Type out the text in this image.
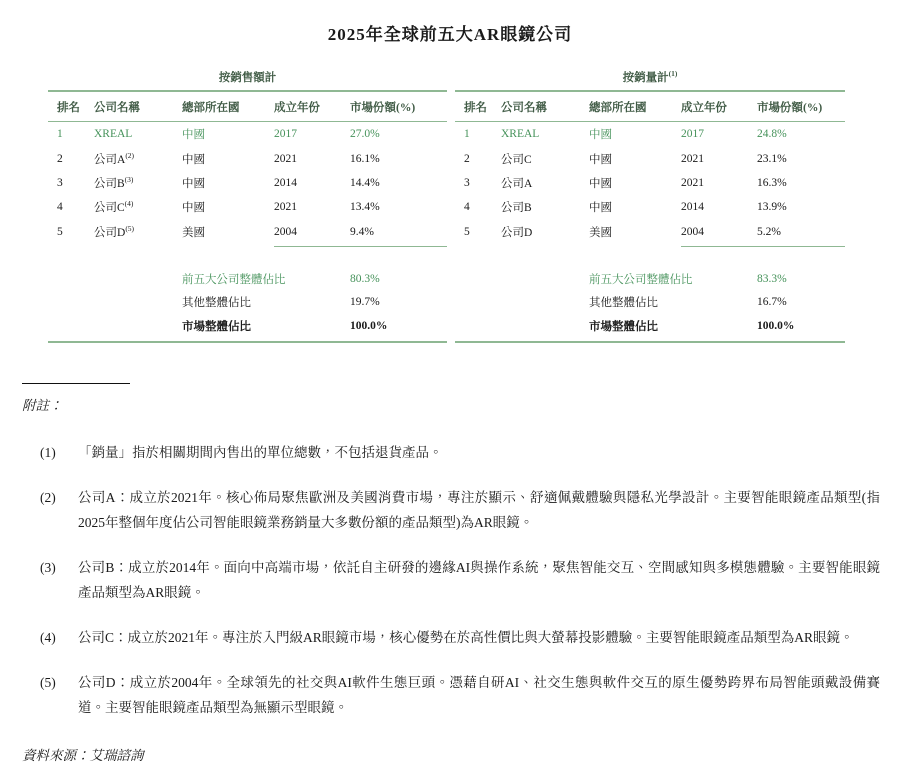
2025年全球前五大AR眼鏡公司
按銷售額計
排名	公司名稱	總部所在國	成立年份	市場份額(%)
1	XREAL	中國	2017	27.0%
2	公司$A^{(2)}$	中國	2021	16.1%
3	公司$B^{(3)}$	中國	2014	14.4%
4	公司$C^{(4)}$	中國	2021	13.4%
5	公司$D^{(5)}$	美國	2004	9.4%
前五大公司整體佔比	80.3%
其他整體佔比	19.7%
市場整體佔比	100.0%
按銷量計$^{(1)}$
排名	公司名稱	總部所在國	成立年份	市場份額(%)
1	XREAL	中國	2017	24.8%
2	公司C	中國	2021	23.1%
3	公司A	中國	2021	16.3%
4	公司B	中國	2014	13.9%
5	公司D	美國	2004	5.2%
前五大公司整體佔比	83.3%
其他整體佔比	16.7%
市場整體佔比	100.0%

附註：

(1)	「銷量」指於相關期間內售出的單位總數，不包括退貨產品。
(2)	公司A：成立於2021年。核心佈局聚焦歐洲及美國消費市場，專注於顯示、舒適佩戴體驗與隱私光學設計。主要智能眼鏡產品類型(指2025年整個年度佔公司智能眼鏡業務銷量大多數份額的產品類型)為AR眼鏡。
(3)	公司B：成立於2014年。面向中高端市場，依託自主研發的邊緣AI與操作系統，聚焦智能交互、空間感知與多模態體驗。主要智能眼鏡產品類型為AR眼鏡。
(4)	公司C：成立於2021年。專注於入門級AR眼鏡市場，核心優勢在於高性價比與大螢幕投影體驗。主要智能眼鏡產品類型為AR眼鏡。
(5)	公司D：成立於2004年。全球領先的社交與AI軟件生態巨頭。憑藉自研AI、社交生態與軟件交互的原生優勢跨界布局智能頭戴設備賽道。主要智能眼鏡產品類型為無顯示型眼鏡。

資料來源：艾瑞諮詢
